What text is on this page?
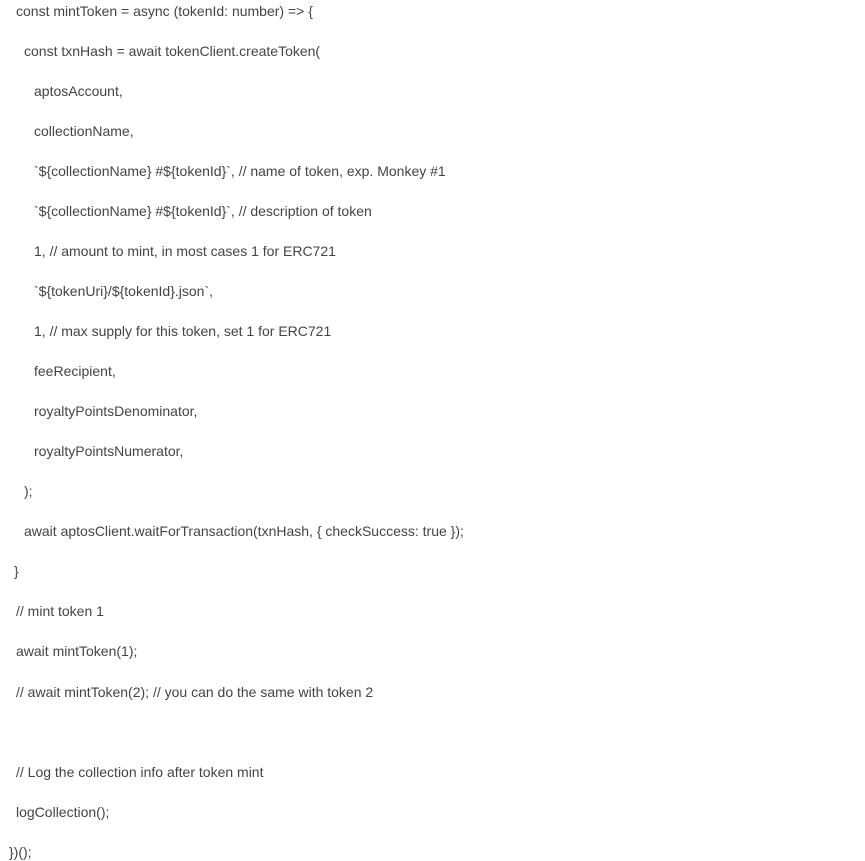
const mintToken = async (tokenId: number) => {
const txnHash = await tokenClient.createToken(
aptosAccount,
collectionName,
`${collectionName} #${tokenId}`, // name of token, exp. Monkey #1
`${collectionName} #${tokenId}`, // description of token
1, // amount to mint, in most cases 1 for ERC721
`${tokenUri}/${tokenId}.json`,
1, // max supply for this token, set 1 for ERC721
feeRecipient,
royaltyPointsDenominator,
royaltyPointsNumerator,
);
await aptosClient.waitForTransaction(txnHash, { checkSuccess: true });
}
// mint token 1
await mintToken(1);
// await mintToken(2); // you can do the same with token 2
// Log the collection info after token mint
logCollection();
})();
